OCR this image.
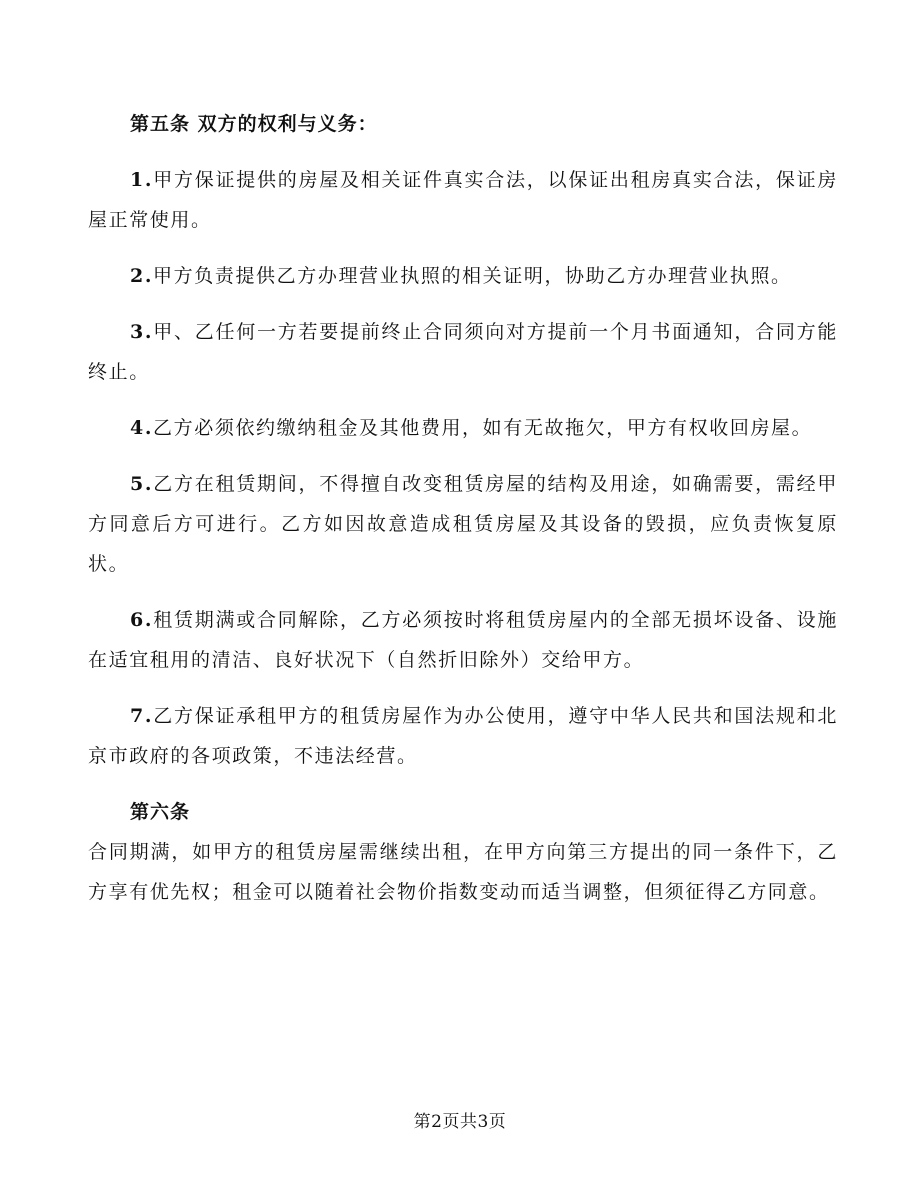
第五条 双方的权利与义务：

1.甲方保证提供的房屋及相关证件真实合法，以保证出租房真实合法，保证房屋正常使用。

2.甲方负责提供乙方办理营业执照的相关证明，协助乙方办理营业执照。

3.甲、乙任何一方若要提前终止合同须向对方提前一个月书面通知，合同方能终止。

4.乙方必须依约缴纳租金及其他费用，如有无故拖欠，甲方有权收回房屋。

5.乙方在租赁期间，不得擅自改变租赁房屋的结构及用途，如确需要，需经甲方同意后方可进行。乙方如因故意造成租赁房屋及其设备的毁损，应负责恢复原状。

6.租赁期满或合同解除，乙方必须按时将租赁房屋内的全部无损坏设备、设施在适宜租用的清洁、良好状况下（自然折旧除外）交给甲方。

7.乙方保证承租甲方的租赁房屋作为办公使用，遵守中华人民共和国法规和北京市政府的各项政策，不违法经营。

第六条

合同期满，如甲方的租赁房屋需继续出租，在甲方向第三方提出的同一条件下，乙方享有优先权；租金可以随着社会物价指数变动而适当调整，但须征得乙方同意。

第2页共3页
